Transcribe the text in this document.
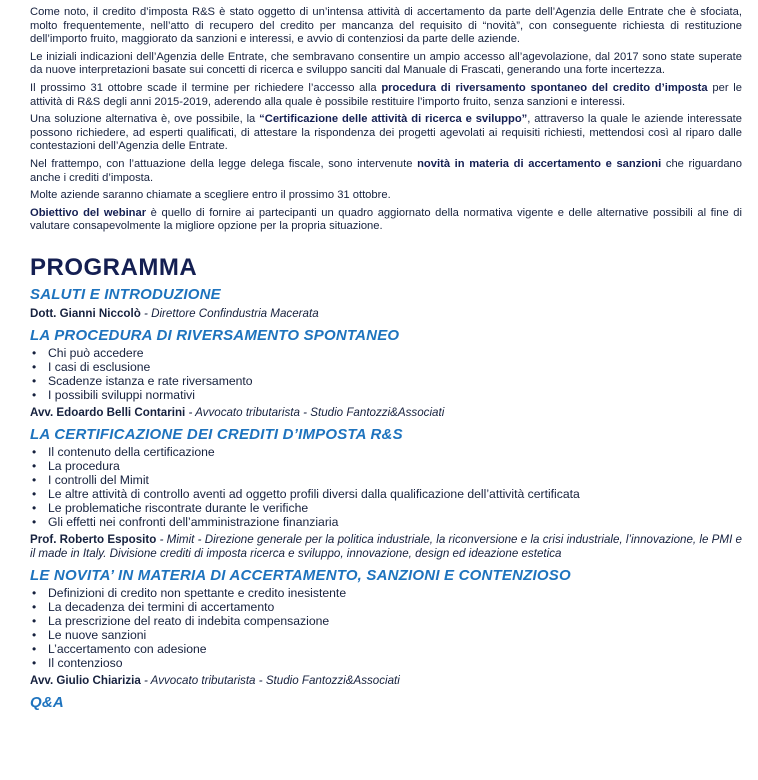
Come noto, il credito d’imposta R&S è stato oggetto di un’intensa attività di accertamento da parte dell’Agenzia delle Entrate che è sfociata, molto frequentemente, nell’atto di recupero del credito per mancanza del requisito di “novità”, con conseguente richiesta di restituzione dell’importo fruito, maggiorato da sanzioni e interessi, e avvio di contenziosi da parte delle aziende.

Le iniziali indicazioni dell’Agenzia delle Entrate, che sembravano consentire un ampio accesso all’agevolazione, dal 2017 sono state superate da nuove interpretazioni basate sui concetti di ricerca e sviluppo sanciti dal Manuale di Frascati, generando una forte incertezza.

Il prossimo 31 ottobre scade il termine per richiedere l’accesso alla procedura di riversamento spontaneo del credito d’imposta per le attività di R&S degli anni 2015-2019, aderendo alla quale è possibile restituire l’importo fruito, senza sanzioni e interessi.

Una soluzione alternativa è, ove possibile, la “Certificazione delle attività di ricerca e sviluppo”, attraverso la quale le aziende interessate possono richiedere, ad esperti qualificati, di attestare la rispondenza dei progetti agevolati ai requisiti richiesti, mettendosi così al riparo dalle contestazioni dell’Agenzia delle Entrate.

Nel frattempo, con l’attuazione della legge delega fiscale, sono intervenute novità in materia di accertamento e sanzioni che riguardano anche i crediti d’imposta.

Molte aziende saranno chiamate a scegliere entro il prossimo 31 ottobre.

Obiettivo del webinar è quello di fornire ai partecipanti un quadro aggiornato della normativa vigente e delle alternative possibili al fine di valutare consapevolmente la migliore opzione per la propria situazione.

PROGRAMMA
SALUTI E INTRODUZIONE
Dott. Gianni Niccolò - Direttore Confindustria Macerata
LA PROCEDURA DI RIVERSAMENTO SPONTANEO
• Chi può accedere
• I casi di esclusione
• Scadenze istanza e rate riversamento
• I possibili sviluppi normativi
Avv. Edoardo Belli Contarini - Avvocato tributarista - Studio Fantozzi&Associati
LA CERTIFICAZIONE DEI CREDITI D’IMPOSTA R&S
• Il contenuto della certificazione
• La procedura
• I controlli del Mimit
• Le altre attività di controllo aventi ad oggetto profili diversi dalla qualificazione dell’attività certificata
• Le problematiche riscontrate durante le verifiche
• Gli effetti nei confronti dell’amministrazione finanziaria
Prof. Roberto Esposito - Mimit - Direzione generale per la politica industriale, la riconversione e la crisi industriale, l’innovazione, le PMI e il made in Italy. Divisione crediti di imposta ricerca e sviluppo, innovazione, design ed ideazione estetica
LE NOVITA’ IN MATERIA DI ACCERTAMENTO, SANZIONI E CONTENZIOSO
• Definizioni di credito non spettante e credito inesistente
• La decadenza dei termini di accertamento
• La prescrizione del reato di indebita compensazione
• Le nuove sanzioni
• L’accertamento con adesione
• Il contenzioso
Avv. Giulio Chiarizia - Avvocato tributarista - Studio Fantozzi&Associati
Q&A
